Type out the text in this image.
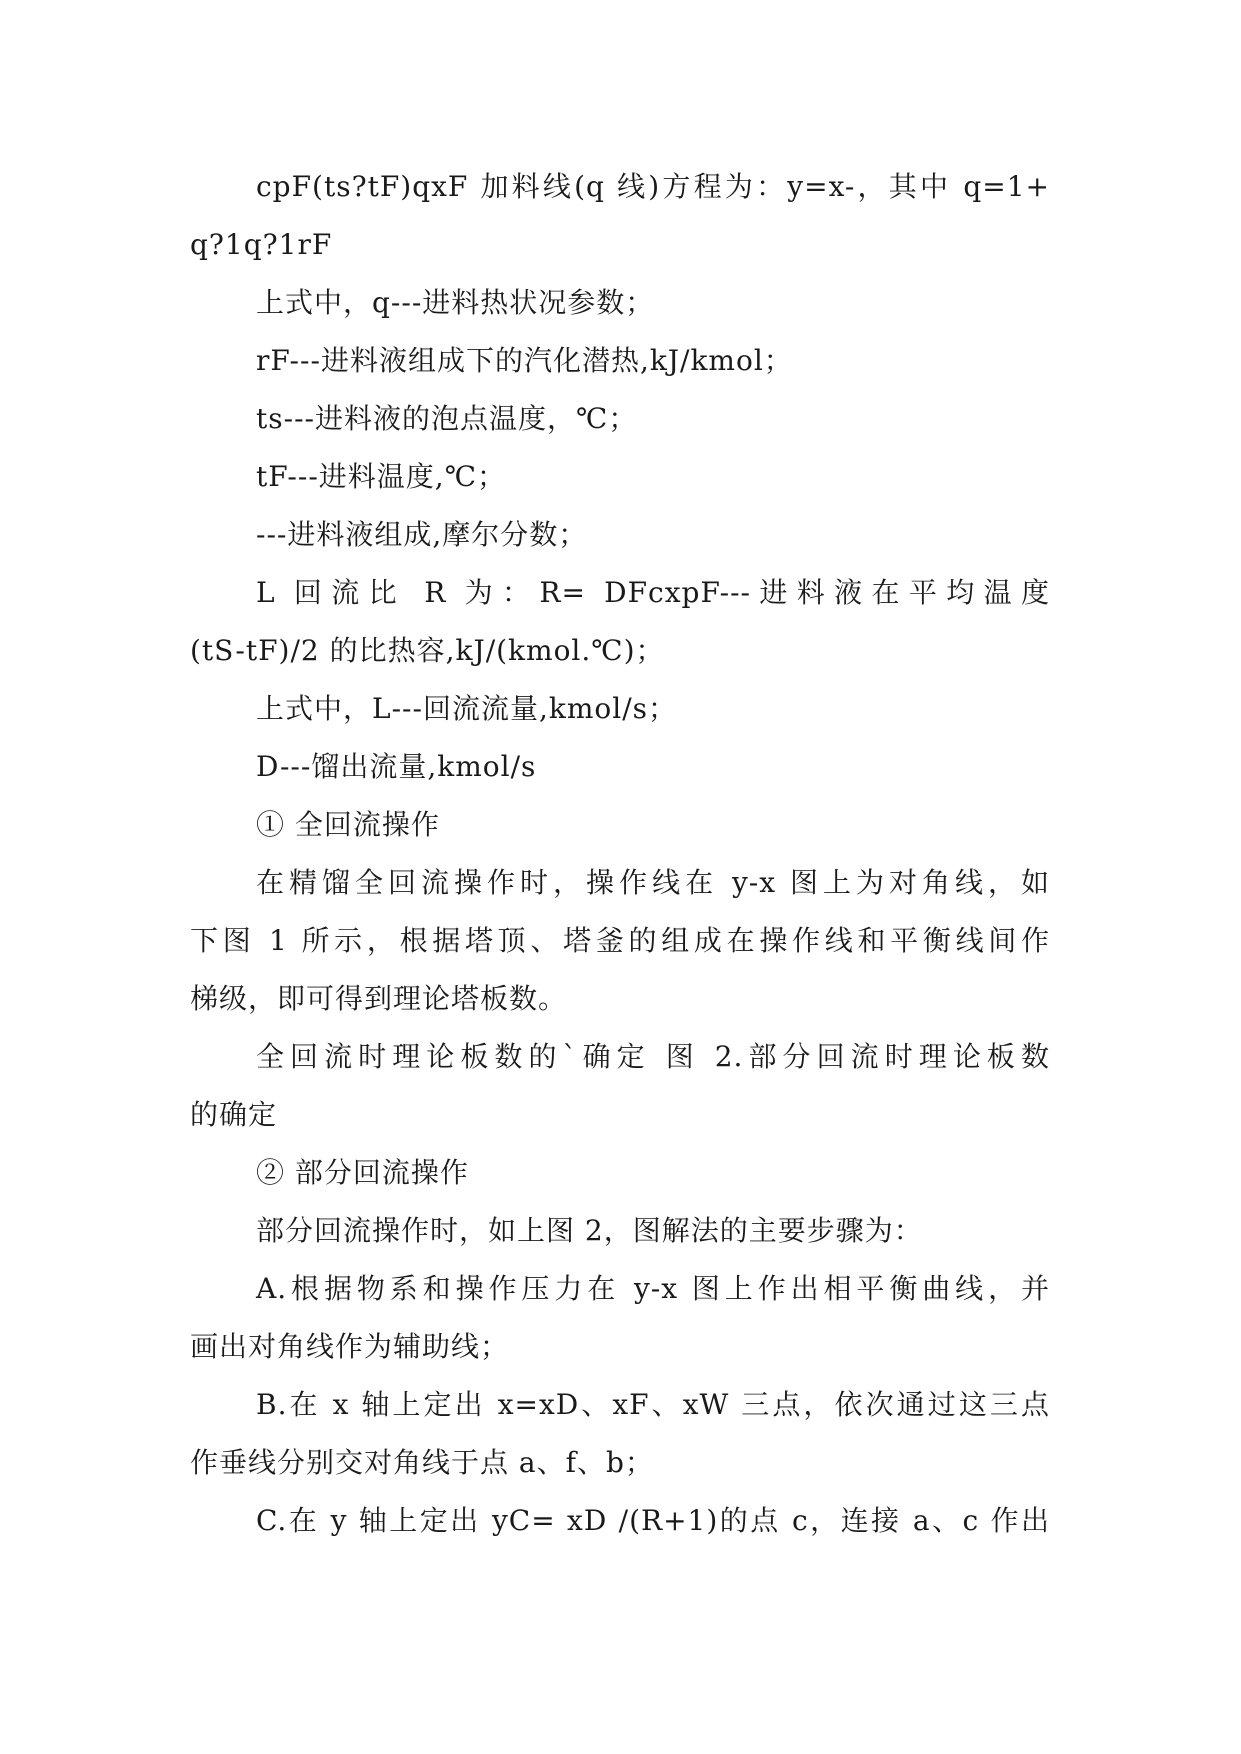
cpF(ts?tF)qxF 加料线(q 线)方程为：y=x-，其中 q=1+
q?1q?1rF
上式中，q---进料热状况参数；
rF---进料液组成下的汽化潜热,kJ/kmol；
ts---进料液的泡点温度，℃；
tF---进料温度,℃；
---进料液组成,摩尔分数；
L 回流比 R 为：R= DFcxpF---进料液在平均温度
(tS-tF)/2 的比热容,kJ/(kmol.℃)；
上式中，L---回流流量,kmol/s；
D---馏出流量,kmol/s
① 全回流操作
在精馏全回流操作时，操作线在 y-x 图上为对角线，如
下图 1 所示，根据塔顶、塔釜的组成在操作线和平衡线间作
梯级，即可得到理论塔板数。
全回流时理论板数的`确定 图 2.部分回流时理论板数
的确定
② 部分回流操作
部分回流操作时，如上图 2，图解法的主要步骤为：
A.根据物系和操作压力在 y-x 图上作出相平衡曲线，并
画出对角线作为辅助线；
B.在 x 轴上定出 x=xD、xF、xW 三点，依次通过这三点
作垂线分别交对角线于点 a、f、b；
C.在 y 轴上定出 yC= xD /(R+1)的点 c，连接 a、c 作出
